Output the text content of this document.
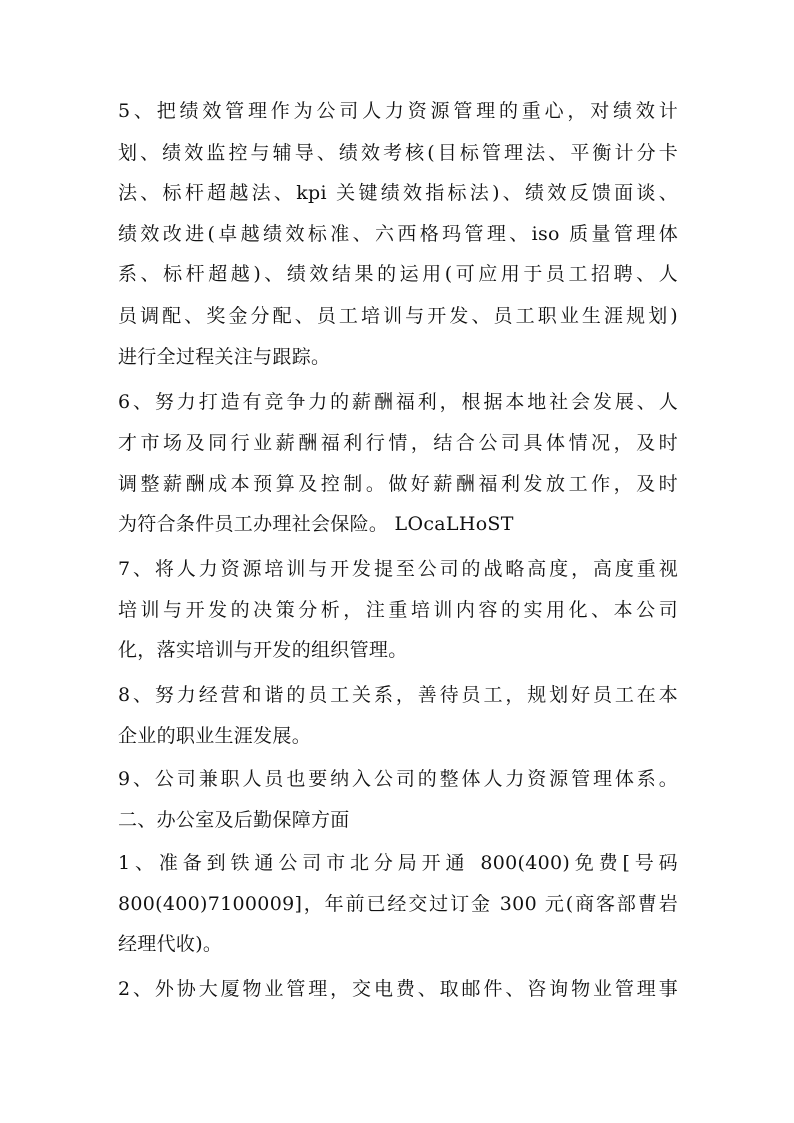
5、把绩效管理作为公司人力资源管理的重心，对绩效计
划、绩效监控与辅导、绩效考核(目标管理法、平衡计分卡
法、标杆超越法、kpi 关键绩效指标法)、绩效反馈面谈、
绩效改进(卓越绩效标准、六西格玛管理、iso 质量管理体
系、标杆超越)、绩效结果的运用(可应用于员工招聘、人
员调配、奖金分配、员工培训与开发、员工职业生涯规划)
进行全过程关注与跟踪。
6、努力打造有竞争力的薪酬福利，根据本地社会发展、人
才市场及同行业薪酬福利行情，结合公司具体情况，及时
调整薪酬成本预算及控制。做好薪酬福利发放工作，及时
为符合条件员工办理社会保险。 LOcaLHoST
7、将人力资源培训与开发提至公司的战略高度，高度重视
培训与开发的决策分析，注重培训内容的实用化、本公司
化，落实培训与开发的组织管理。
8、努力经营和谐的员工关系，善待员工，规划好员工在本
企业的职业生涯发展。
9、公司兼职人员也要纳入公司的整体人力资源管理体系。
二、办公室及后勤保障方面
1、准备到铁通公司市北分局开通 800(400)免费[号码
800(400)7100009]，年前已经交过订金 300 元(商客部曹岩
经理代收)。
2、外协大厦物业管理，交电费、取邮件、咨询物业管理事
